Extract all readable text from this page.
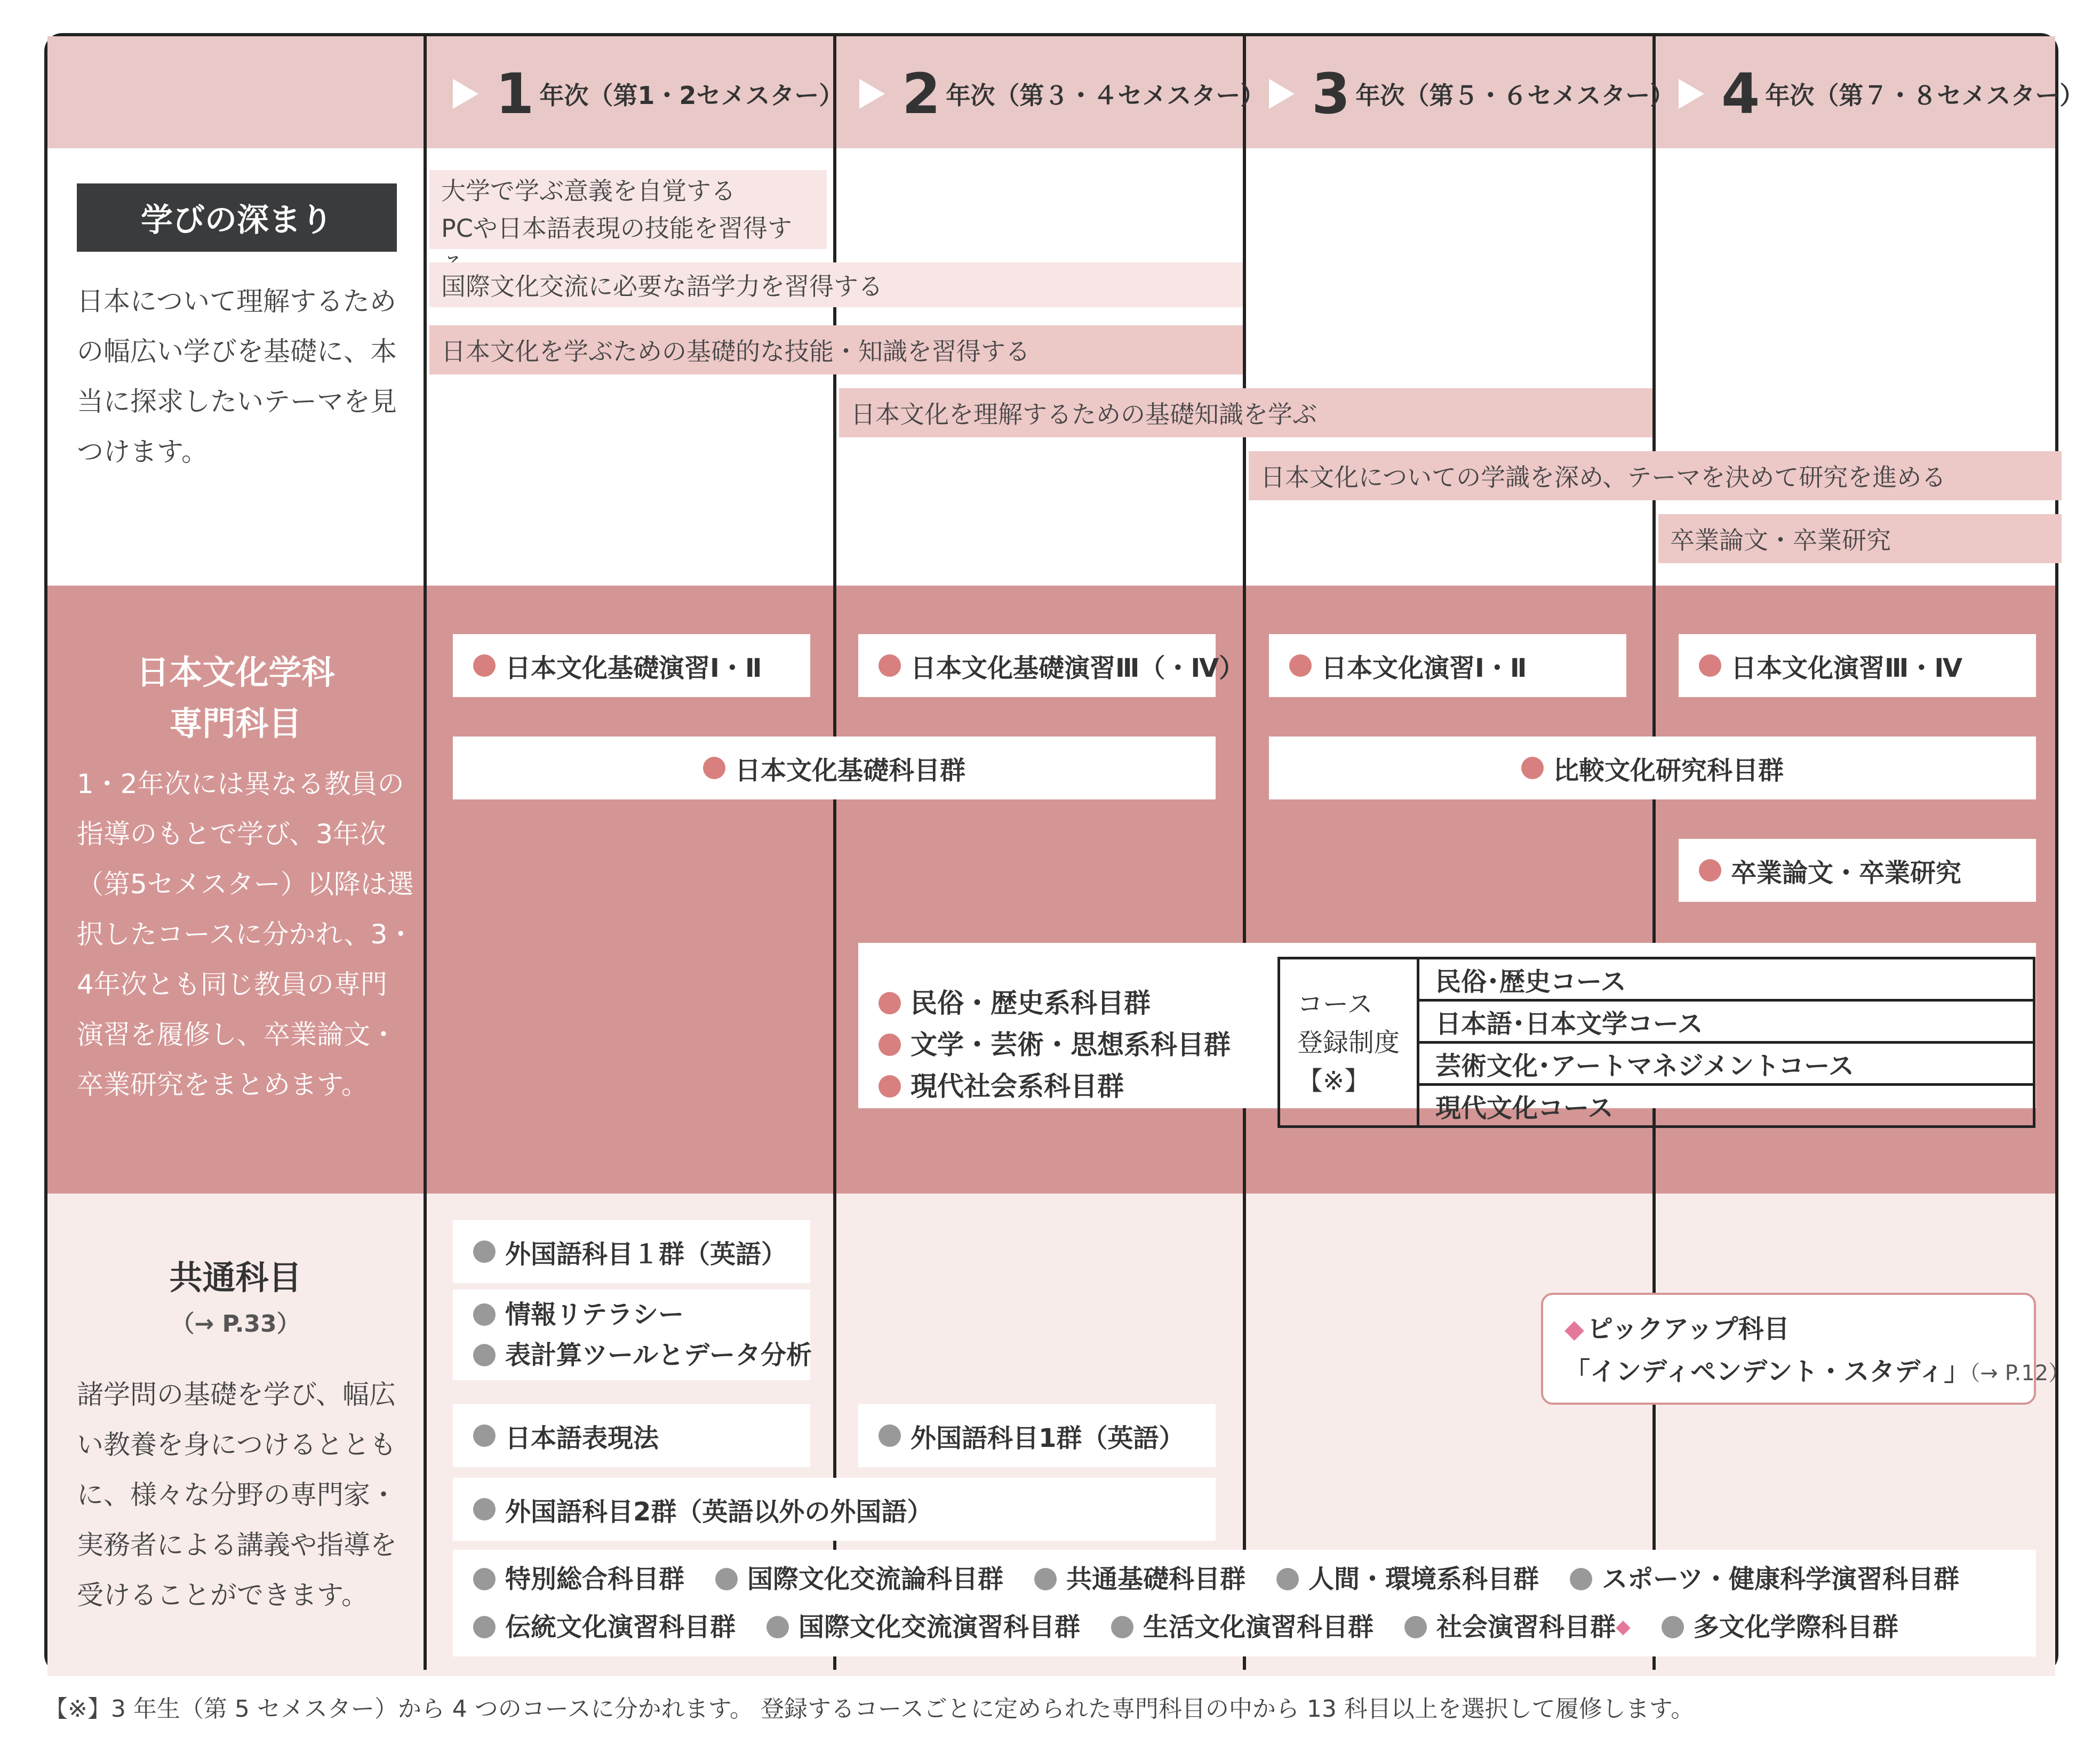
1 年次（第1・2セメスター） 2 年次（第３・４セメスター） 3 年次（第５・６セメスター） 4 年次（第７・８セメスター）
学びの深まり
日本について理解するため
の幅広い学びを基礎に、本
当に探求したいテーマを見
つけます。
大学で学ぶ意義を自覚する
PCや日本語表現の技能を習得す
国際文化交流に必要な語学力を習得する
日本文化を学ぶための基礎的な技能・知識を習得する
日本文化を理解するための基礎知識を学ぶ
日本文化についての学識を深め、テーマを決めて研究を進める
卒業論文・卒業研究
日本文化学科
専門科目
1・2年次には異なる教員の
指導のもとで学び、3年次
（第5セメスター）以降は選
択したコースに分かれ、3・
4年次とも同じ教員の専門
演習を履修し、卒業論文・
卒業研究をまとめます。
日本文化基礎演習Ⅰ・Ⅱ	日本文化基礎演習Ⅲ（・Ⅳ）	日本文化演習Ⅰ・Ⅱ	日本文化演習Ⅲ・Ⅳ
日本文化基礎科目群	比較文化研究科目群
卒業論文・卒業研究
民俗・歴史系科目群
文学・芸術・思想系科目群
現代社会系科目群
コース
登録制度
【※】
	民俗･歴史コース
日本語･日本文学コース
芸術文化･アートマネジメントコース
現代文化コース
共通科目
（→ P.33）
諸学問の基礎を学び、幅広
い教養を身につけるととも
に、様々な分野の専門家・
実務者による講義や指導を
受けることができます。
外国語科目１群（英語）
情報リテラシー
表計算ツールとデータ分析
日本語表現法	外国語科目1群（英語）
外国語科目2群（英語以外の外国語）
◆ ピックアップ科目
「インディペンデント・スタディ」（→ P.12）
特別総合科目群 国際文化交流論科目群 共通基礎科目群 人間・環境系科目群 スポーツ・健康科学演習科目群
伝統文化演習科目群 国際文化交流演習科目群 生活文化演習科目群 社会演習科目群 ◆ 多文化学際科目群
【※】3 年生（第 5 セメスター）から 4 つのコースに分かれます。 登録するコースごとに定められた専門科目の中から 13 科目以上を選択して履修します。
